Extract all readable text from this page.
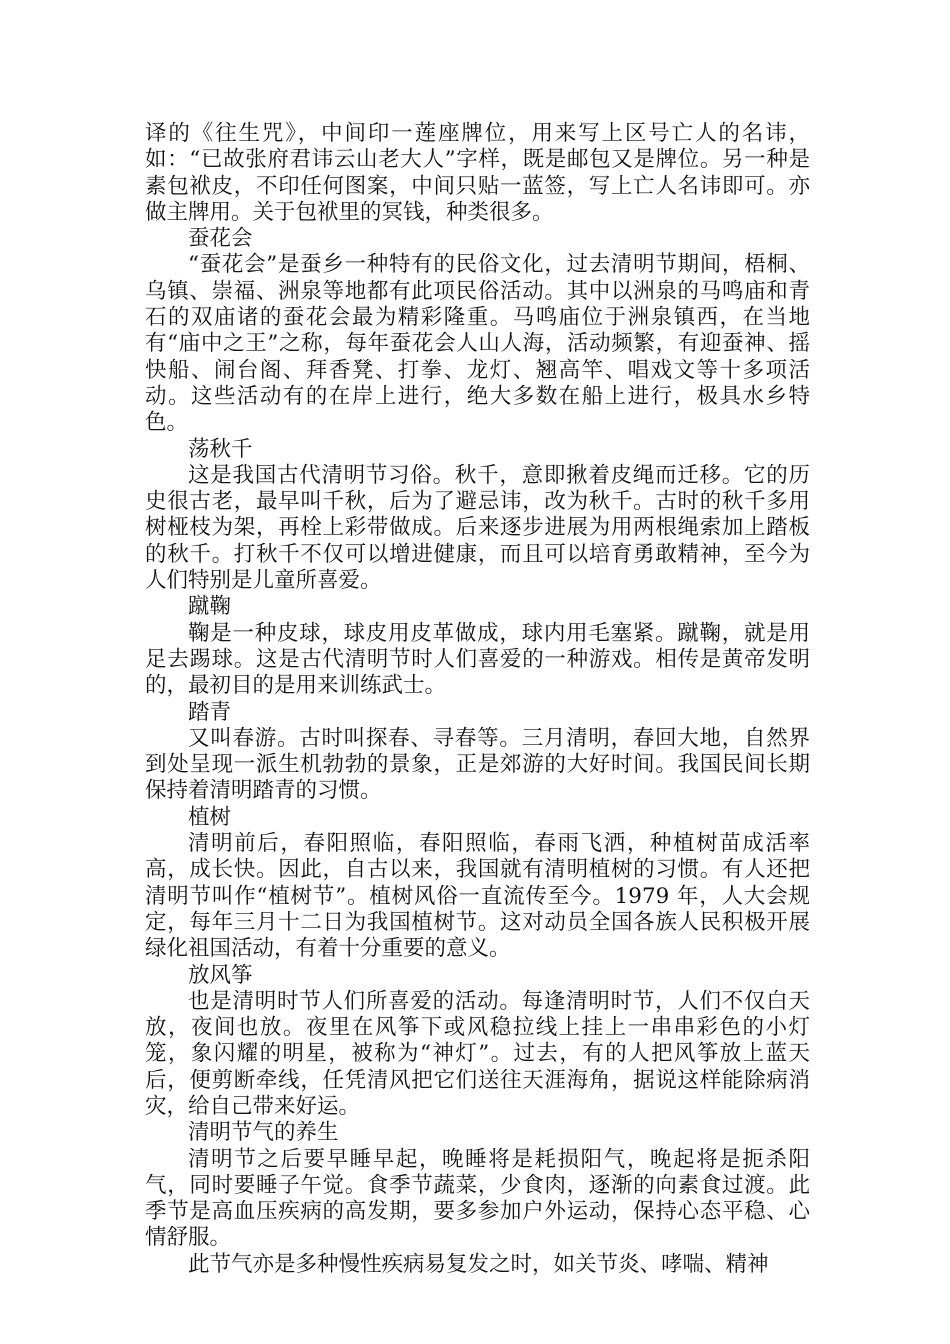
译的《往生咒》，中间印一莲座牌位，用来写上区号亡人的名讳，如：“已故张府君讳云山老大人”字样，既是邮包又是牌位。另一种是素包袱皮，不印任何图案，中间只贴一蓝签，写上亡人名讳即可。亦做主牌用。关于包袱里的冥钱，种类很多。

蚕花会

“蚕花会”是蚕乡一种特有的民俗文化，过去清明节期间，梧桐、乌镇、崇福、洲泉等地都有此项民俗活动。其中以洲泉的马鸣庙和青石的双庙诸的蚕花会最为精彩隆重。马鸣庙位于洲泉镇西，在当地有“庙中之王”之称，每年蚕花会人山人海，活动频繁，有迎蚕神、摇快船、闹台阁、拜香凳、打拳、龙灯、翘高竿、唱戏文等十多项活动。这些活动有的在岸上进行，绝大多数在船上进行，极具水乡特色。

荡秋千

这是我国古代清明节习俗。秋千，意即揪着皮绳而迁移。它的历史很古老，最早叫千秋，后为了避忌讳，改为秋千。古时的秋千多用树桠枝为架，再栓上彩带做成。后来逐步进展为用两根绳索加上踏板的秋千。打秋千不仅可以增进健康，而且可以培育勇敢精神，至今为人们特别是儿童所喜爱。

蹴鞠

鞠是一种皮球，球皮用皮革做成，球内用毛塞紧。蹴鞠，就是用足去踢球。这是古代清明节时人们喜爱的一种游戏。相传是黄帝发明的，最初目的是用来训练武士。

踏青

又叫春游。古时叫探春、寻春等。三月清明，春回大地，自然界到处呈现一派生机勃勃的景象，正是郊游的大好时间。我国民间长期保持着清明踏青的习惯。

植树

清明前后，春阳照临，春阳照临，春雨飞洒，种植树苗成活率高，成长快。因此，自古以来，我国就有清明植树的习惯。有人还把清明节叫作“植树节”。植树风俗一直流传至今。1979 年，人大会规定，每年三月十二日为我国植树节。这对动员全国各族人民积极开展绿化祖国活动，有着十分重要的意义。

放风筝

也是清明时节人们所喜爱的活动。每逢清明时节，人们不仅白天放，夜间也放。夜里在风筝下或风稳拉线上挂上一串串彩色的小灯笼，象闪耀的明星，被称为“神灯”。过去，有的人把风筝放上蓝天后，便剪断牵线，任凭清风把它们送往天涯海角，据说这样能除病消灾，给自己带来好运。

清明节气的养生

清明节之后要早睡早起，晚睡将是耗损阳气，晚起将是扼杀阳气，同时要睡子午觉。食季节蔬菜，少食肉，逐渐的向素食过渡。此季节是高血压疾病的高发期，要多参加户外运动，保持心态平稳、心情舒服。

此节气亦是多种慢性疾病易复发之时，如关节炎、哮喘、精神
